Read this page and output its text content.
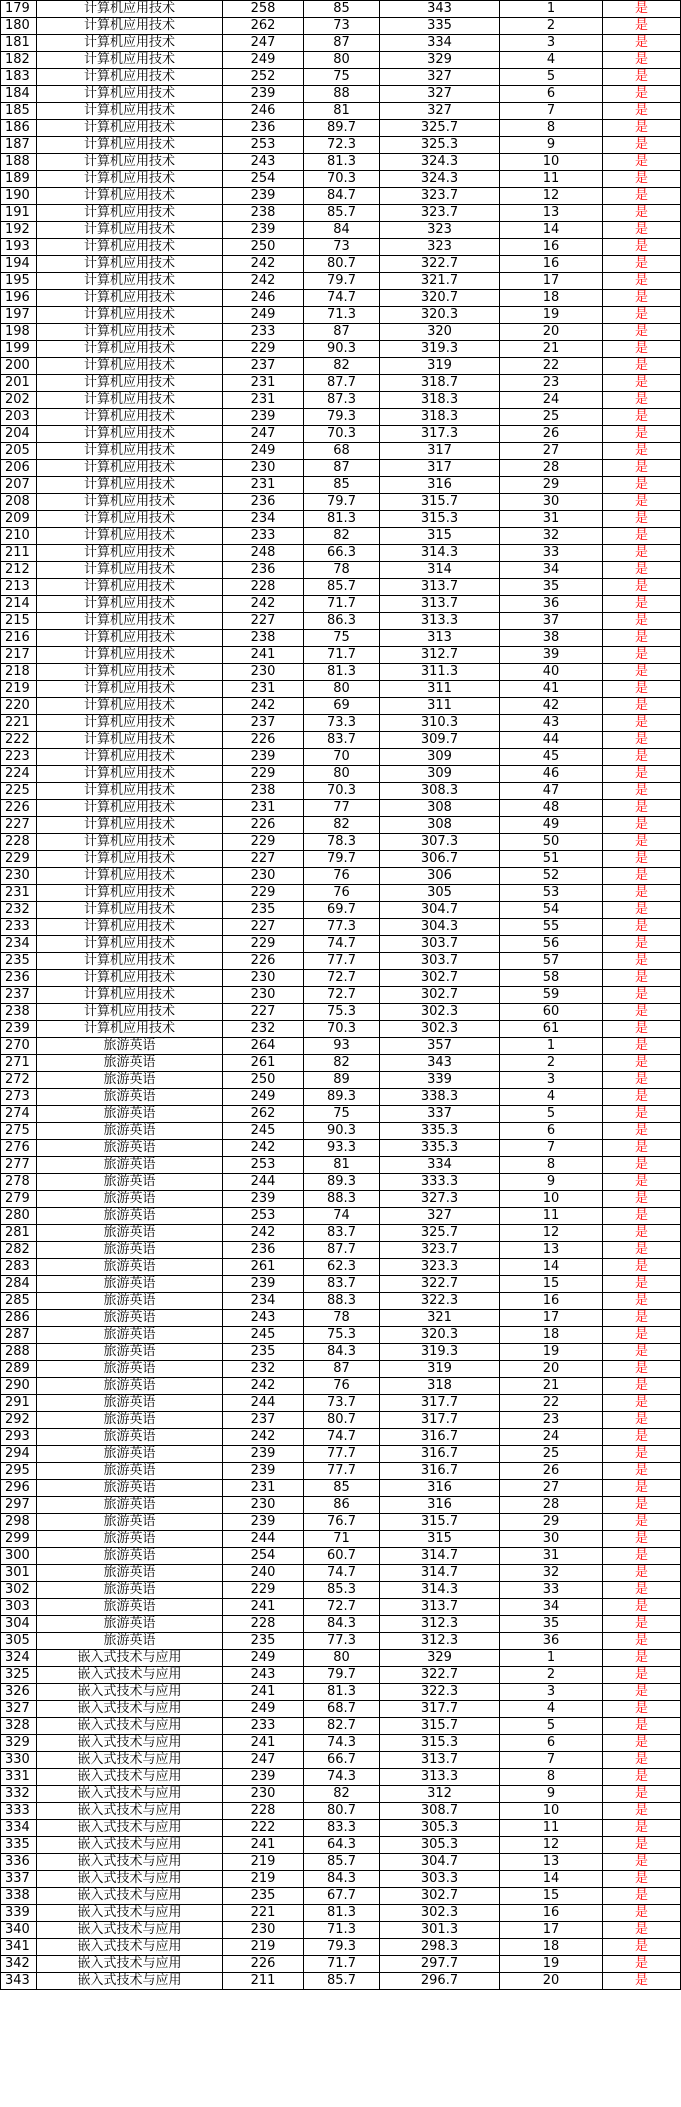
179	计算机应用技术	258	85	343	1	是
180	计算机应用技术	262	73	335	2	是
181	计算机应用技术	247	87	334	3	是
182	计算机应用技术	249	80	329	4	是
183	计算机应用技术	252	75	327	5	是
184	计算机应用技术	239	88	327	6	是
185	计算机应用技术	246	81	327	7	是
186	计算机应用技术	236	89.7	325.7	8	是
187	计算机应用技术	253	72.3	325.3	9	是
188	计算机应用技术	243	81.3	324.3	10	是
189	计算机应用技术	254	70.3	324.3	11	是
190	计算机应用技术	239	84.7	323.7	12	是
191	计算机应用技术	238	85.7	323.7	13	是
192	计算机应用技术	239	84	323	14	是
193	计算机应用技术	250	73	323	16	是
194	计算机应用技术	242	80.7	322.7	16	是
195	计算机应用技术	242	79.7	321.7	17	是
196	计算机应用技术	246	74.7	320.7	18	是
197	计算机应用技术	249	71.3	320.3	19	是
198	计算机应用技术	233	87	320	20	是
199	计算机应用技术	229	90.3	319.3	21	是
200	计算机应用技术	237	82	319	22	是
201	计算机应用技术	231	87.7	318.7	23	是
202	计算机应用技术	231	87.3	318.3	24	是
203	计算机应用技术	239	79.3	318.3	25	是
204	计算机应用技术	247	70.3	317.3	26	是
205	计算机应用技术	249	68	317	27	是
206	计算机应用技术	230	87	317	28	是
207	计算机应用技术	231	85	316	29	是
208	计算机应用技术	236	79.7	315.7	30	是
209	计算机应用技术	234	81.3	315.3	31	是
210	计算机应用技术	233	82	315	32	是
211	计算机应用技术	248	66.3	314.3	33	是
212	计算机应用技术	236	78	314	34	是
213	计算机应用技术	228	85.7	313.7	35	是
214	计算机应用技术	242	71.7	313.7	36	是
215	计算机应用技术	227	86.3	313.3	37	是
216	计算机应用技术	238	75	313	38	是
217	计算机应用技术	241	71.7	312.7	39	是
218	计算机应用技术	230	81.3	311.3	40	是
219	计算机应用技术	231	80	311	41	是
220	计算机应用技术	242	69	311	42	是
221	计算机应用技术	237	73.3	310.3	43	是
222	计算机应用技术	226	83.7	309.7	44	是
223	计算机应用技术	239	70	309	45	是
224	计算机应用技术	229	80	309	46	是
225	计算机应用技术	238	70.3	308.3	47	是
226	计算机应用技术	231	77	308	48	是
227	计算机应用技术	226	82	308	49	是
228	计算机应用技术	229	78.3	307.3	50	是
229	计算机应用技术	227	79.7	306.7	51	是
230	计算机应用技术	230	76	306	52	是
231	计算机应用技术	229	76	305	53	是
232	计算机应用技术	235	69.7	304.7	54	是
233	计算机应用技术	227	77.3	304.3	55	是
234	计算机应用技术	229	74.7	303.7	56	是
235	计算机应用技术	226	77.7	303.7	57	是
236	计算机应用技术	230	72.7	302.7	58	是
237	计算机应用技术	230	72.7	302.7	59	是
238	计算机应用技术	227	75.3	302.3	60	是
239	计算机应用技术	232	70.3	302.3	61	是
270	旅游英语	264	93	357	1	是
271	旅游英语	261	82	343	2	是
272	旅游英语	250	89	339	3	是
273	旅游英语	249	89.3	338.3	4	是
274	旅游英语	262	75	337	5	是
275	旅游英语	245	90.3	335.3	6	是
276	旅游英语	242	93.3	335.3	7	是
277	旅游英语	253	81	334	8	是
278	旅游英语	244	89.3	333.3	9	是
279	旅游英语	239	88.3	327.3	10	是
280	旅游英语	253	74	327	11	是
281	旅游英语	242	83.7	325.7	12	是
282	旅游英语	236	87.7	323.7	13	是
283	旅游英语	261	62.3	323.3	14	是
284	旅游英语	239	83.7	322.7	15	是
285	旅游英语	234	88.3	322.3	16	是
286	旅游英语	243	78	321	17	是
287	旅游英语	245	75.3	320.3	18	是
288	旅游英语	235	84.3	319.3	19	是
289	旅游英语	232	87	319	20	是
290	旅游英语	242	76	318	21	是
291	旅游英语	244	73.7	317.7	22	是
292	旅游英语	237	80.7	317.7	23	是
293	旅游英语	242	74.7	316.7	24	是
294	旅游英语	239	77.7	316.7	25	是
295	旅游英语	239	77.7	316.7	26	是
296	旅游英语	231	85	316	27	是
297	旅游英语	230	86	316	28	是
298	旅游英语	239	76.7	315.7	29	是
299	旅游英语	244	71	315	30	是
300	旅游英语	254	60.7	314.7	31	是
301	旅游英语	240	74.7	314.7	32	是
302	旅游英语	229	85.3	314.3	33	是
303	旅游英语	241	72.7	313.7	34	是
304	旅游英语	228	84.3	312.3	35	是
305	旅游英语	235	77.3	312.3	36	是
324	嵌入式技术与应用	249	80	329	1	是
325	嵌入式技术与应用	243	79.7	322.7	2	是
326	嵌入式技术与应用	241	81.3	322.3	3	是
327	嵌入式技术与应用	249	68.7	317.7	4	是
328	嵌入式技术与应用	233	82.7	315.7	5	是
329	嵌入式技术与应用	241	74.3	315.3	6	是
330	嵌入式技术与应用	247	66.7	313.7	7	是
331	嵌入式技术与应用	239	74.3	313.3	8	是
332	嵌入式技术与应用	230	82	312	9	是
333	嵌入式技术与应用	228	80.7	308.7	10	是
334	嵌入式技术与应用	222	83.3	305.3	11	是
335	嵌入式技术与应用	241	64.3	305.3	12	是
336	嵌入式技术与应用	219	85.7	304.7	13	是
337	嵌入式技术与应用	219	84.3	303.3	14	是
338	嵌入式技术与应用	235	67.7	302.7	15	是
339	嵌入式技术与应用	221	81.3	302.3	16	是
340	嵌入式技术与应用	230	71.3	301.3	17	是
341	嵌入式技术与应用	219	79.3	298.3	18	是
342	嵌入式技术与应用	226	71.7	297.7	19	是
343	嵌入式技术与应用	211	85.7	296.7	20	是
